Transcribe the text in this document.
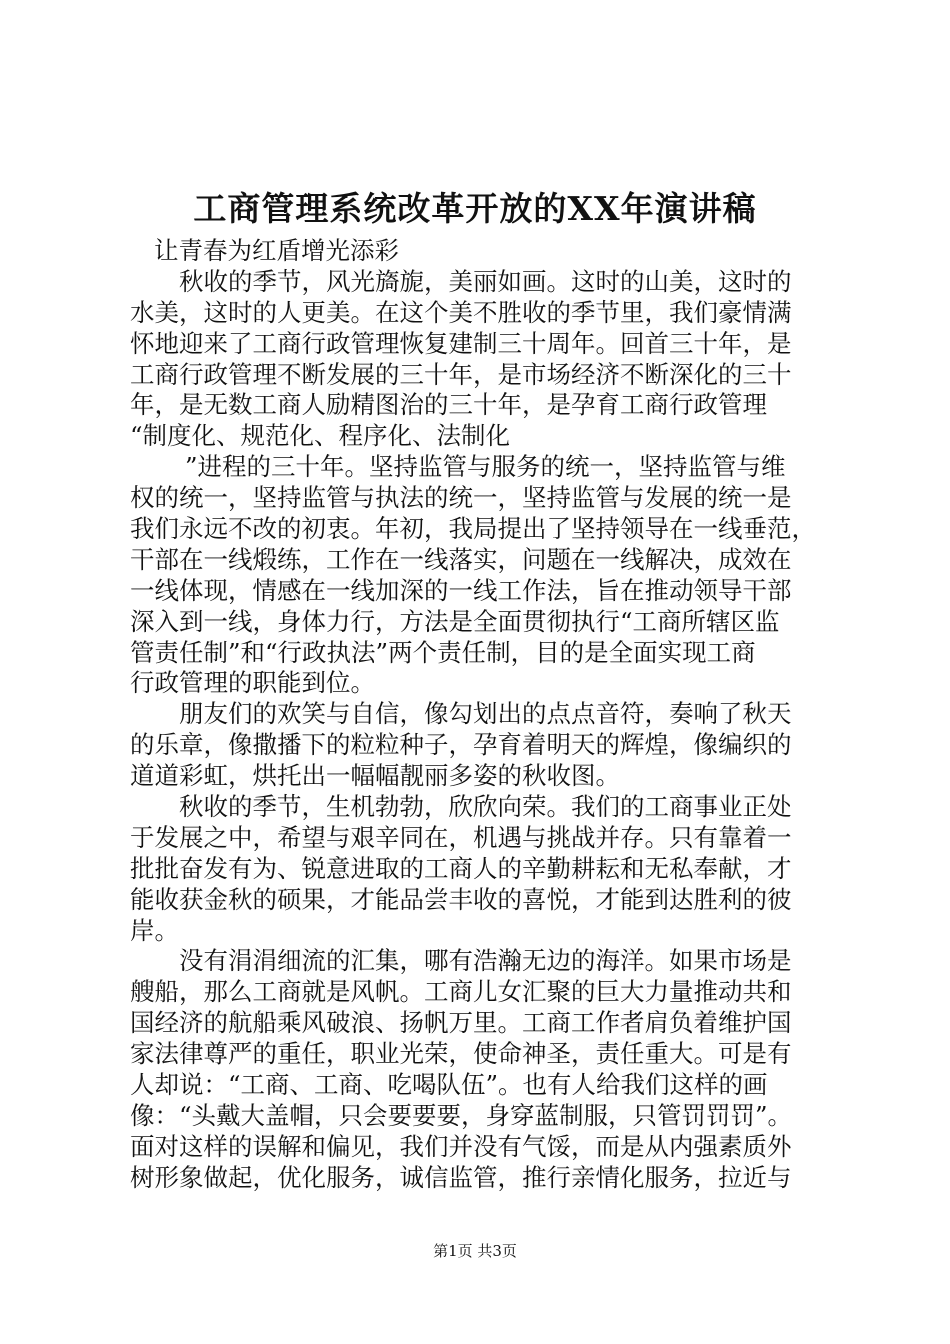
工商管理系统改革开放的XX年演讲稿
让青春为红盾增光添彩
秋收的季节，风光旖旎，美丽如画。这时的山美，这时的
水美，这时的人更美。在这个美不胜收的季节里，我们豪情满
怀地迎来了工商行政管理恢复建制三十周年。回首三十年，是
工商行政管理不断发展的三十年，是市场经济不断深化的三十
年，是无数工商人励精图治的三十年，是孕育工商行政管理
“制度化、规范化、程序化、法制化
”进程的三十年。坚持监管与服务的统一，坚持监管与维
权的统一，坚持监管与执法的统一，坚持监管与发展的统一是
我们永远不改的初衷。年初，我局提出了坚持领导在一线垂范，
干部在一线煅练，工作在一线落实，问题在一线解决，成效在
一线体现，情感在一线加深的一线工作法，旨在推动领导干部
深入到一线，身体力行，方法是全面贯彻执行“工商所辖区监
管责任制”和“行政执法”两个责任制，目的是全面实现工商
行政管理的职能到位。
朋友们的欢笑与自信，像勾划出的点点音符，奏响了秋天
的乐章，像撒播下的粒粒种子，孕育着明天的辉煌，像编织的
道道彩虹，烘托出一幅幅靓丽多姿的秋收图。
秋收的季节，生机勃勃，欣欣向荣。我们的工商事业正处
于发展之中，希望与艰辛同在，机遇与挑战并存。只有靠着一
批批奋发有为、锐意进取的工商人的辛勤耕耘和无私奉献，才
能收获金秋的硕果，才能品尝丰收的喜悦，才能到达胜利的彼
岸。
没有涓涓细流的汇集，哪有浩瀚无边的海洋。如果市场是
艘船，那么工商就是风帆。工商儿女汇聚的巨大力量推动共和
国经济的航船乘风破浪、扬帆万里。工商工作者肩负着维护国
家法律尊严的重任，职业光荣，使命神圣，责任重大。可是有
人却说：“工商、工商、吃喝队伍”。也有人给我们这样的画
像：“头戴大盖帽，只会要要要，身穿蓝制服，只管罚罚罚”。
面对这样的误解和偏见，我们并没有气馁，而是从内强素质外
树形象做起，优化服务，诚信监管，推行亲情化服务，拉近与
第1页 共3页
